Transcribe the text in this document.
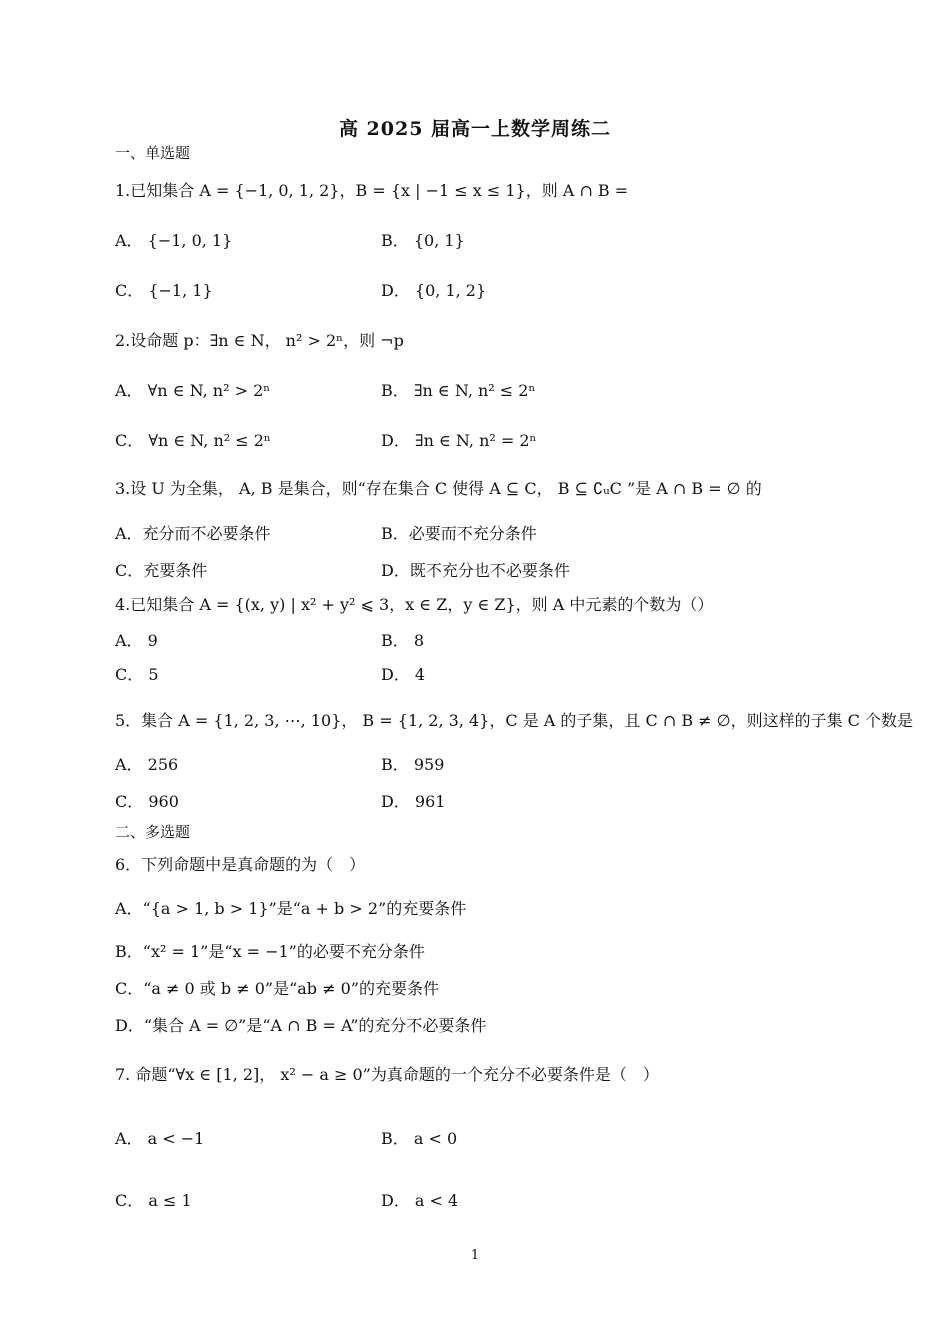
高 2025 届高一上数学周练二
一、单选题
1.已知集合 A = {−1, 0, 1, 2}，B = {x | −1 ≤ x ≤ 1}，则 A ∩ B =
A． {−1, 0, 1}	B． {0, 1}
C． {−1, 1}	D． {0, 1, 2}
2.设命题 p：∃n ∈ N， n² > 2ⁿ，则 ¬p
A． ∀n ∈ N, n² > 2ⁿ	B． ∃n ∈ N, n² ≤ 2ⁿ
C． ∀n ∈ N, n² ≤ 2ⁿ	D． ∃n ∈ N, n² = 2ⁿ
3.设 U 为全集， A, B 是集合，则“存在集合 C 使得 A ⊆ C， B ⊆ ∁ᵤC ”是 A ∩ B = ∅ 的
A．充分而不必要条件	B．必要而不充分条件
C．充要条件	D．既不充分也不必要条件
4.已知集合 A = {(x, y) | x² + y² ⩽ 3，x ∈ Z，y ∈ Z}，则 A 中元素的个数为（）
A． 9	B． 8
C． 5	D． 4
5．集合 A = {1, 2, 3, ⋯, 10}， B = {1, 2, 3, 4}，C 是 A 的子集，且 C ∩ B ≠ ∅，则这样的子集 C 个数是
A． 256	B． 959
C． 960	D． 961
二、多选题
6．下列命题中是真命题的为（　）
A．“{a > 1, b > 1}”是“a + b > 2”的充要条件
B．“x² = 1”是“x = −1”的必要不充分条件
C．“a ≠ 0 或 b ≠ 0”是“ab ≠ 0”的充要条件
D．“集合 A = ∅”是“A ∩ B = A”的充分不必要条件
7. 命题“∀x ∈ [1, 2]， x² − a ≥ 0”为真命题的一个充分不必要条件是（　）
A． a < −1	B． a < 0
C． a ≤ 1	D． a < 4
1
